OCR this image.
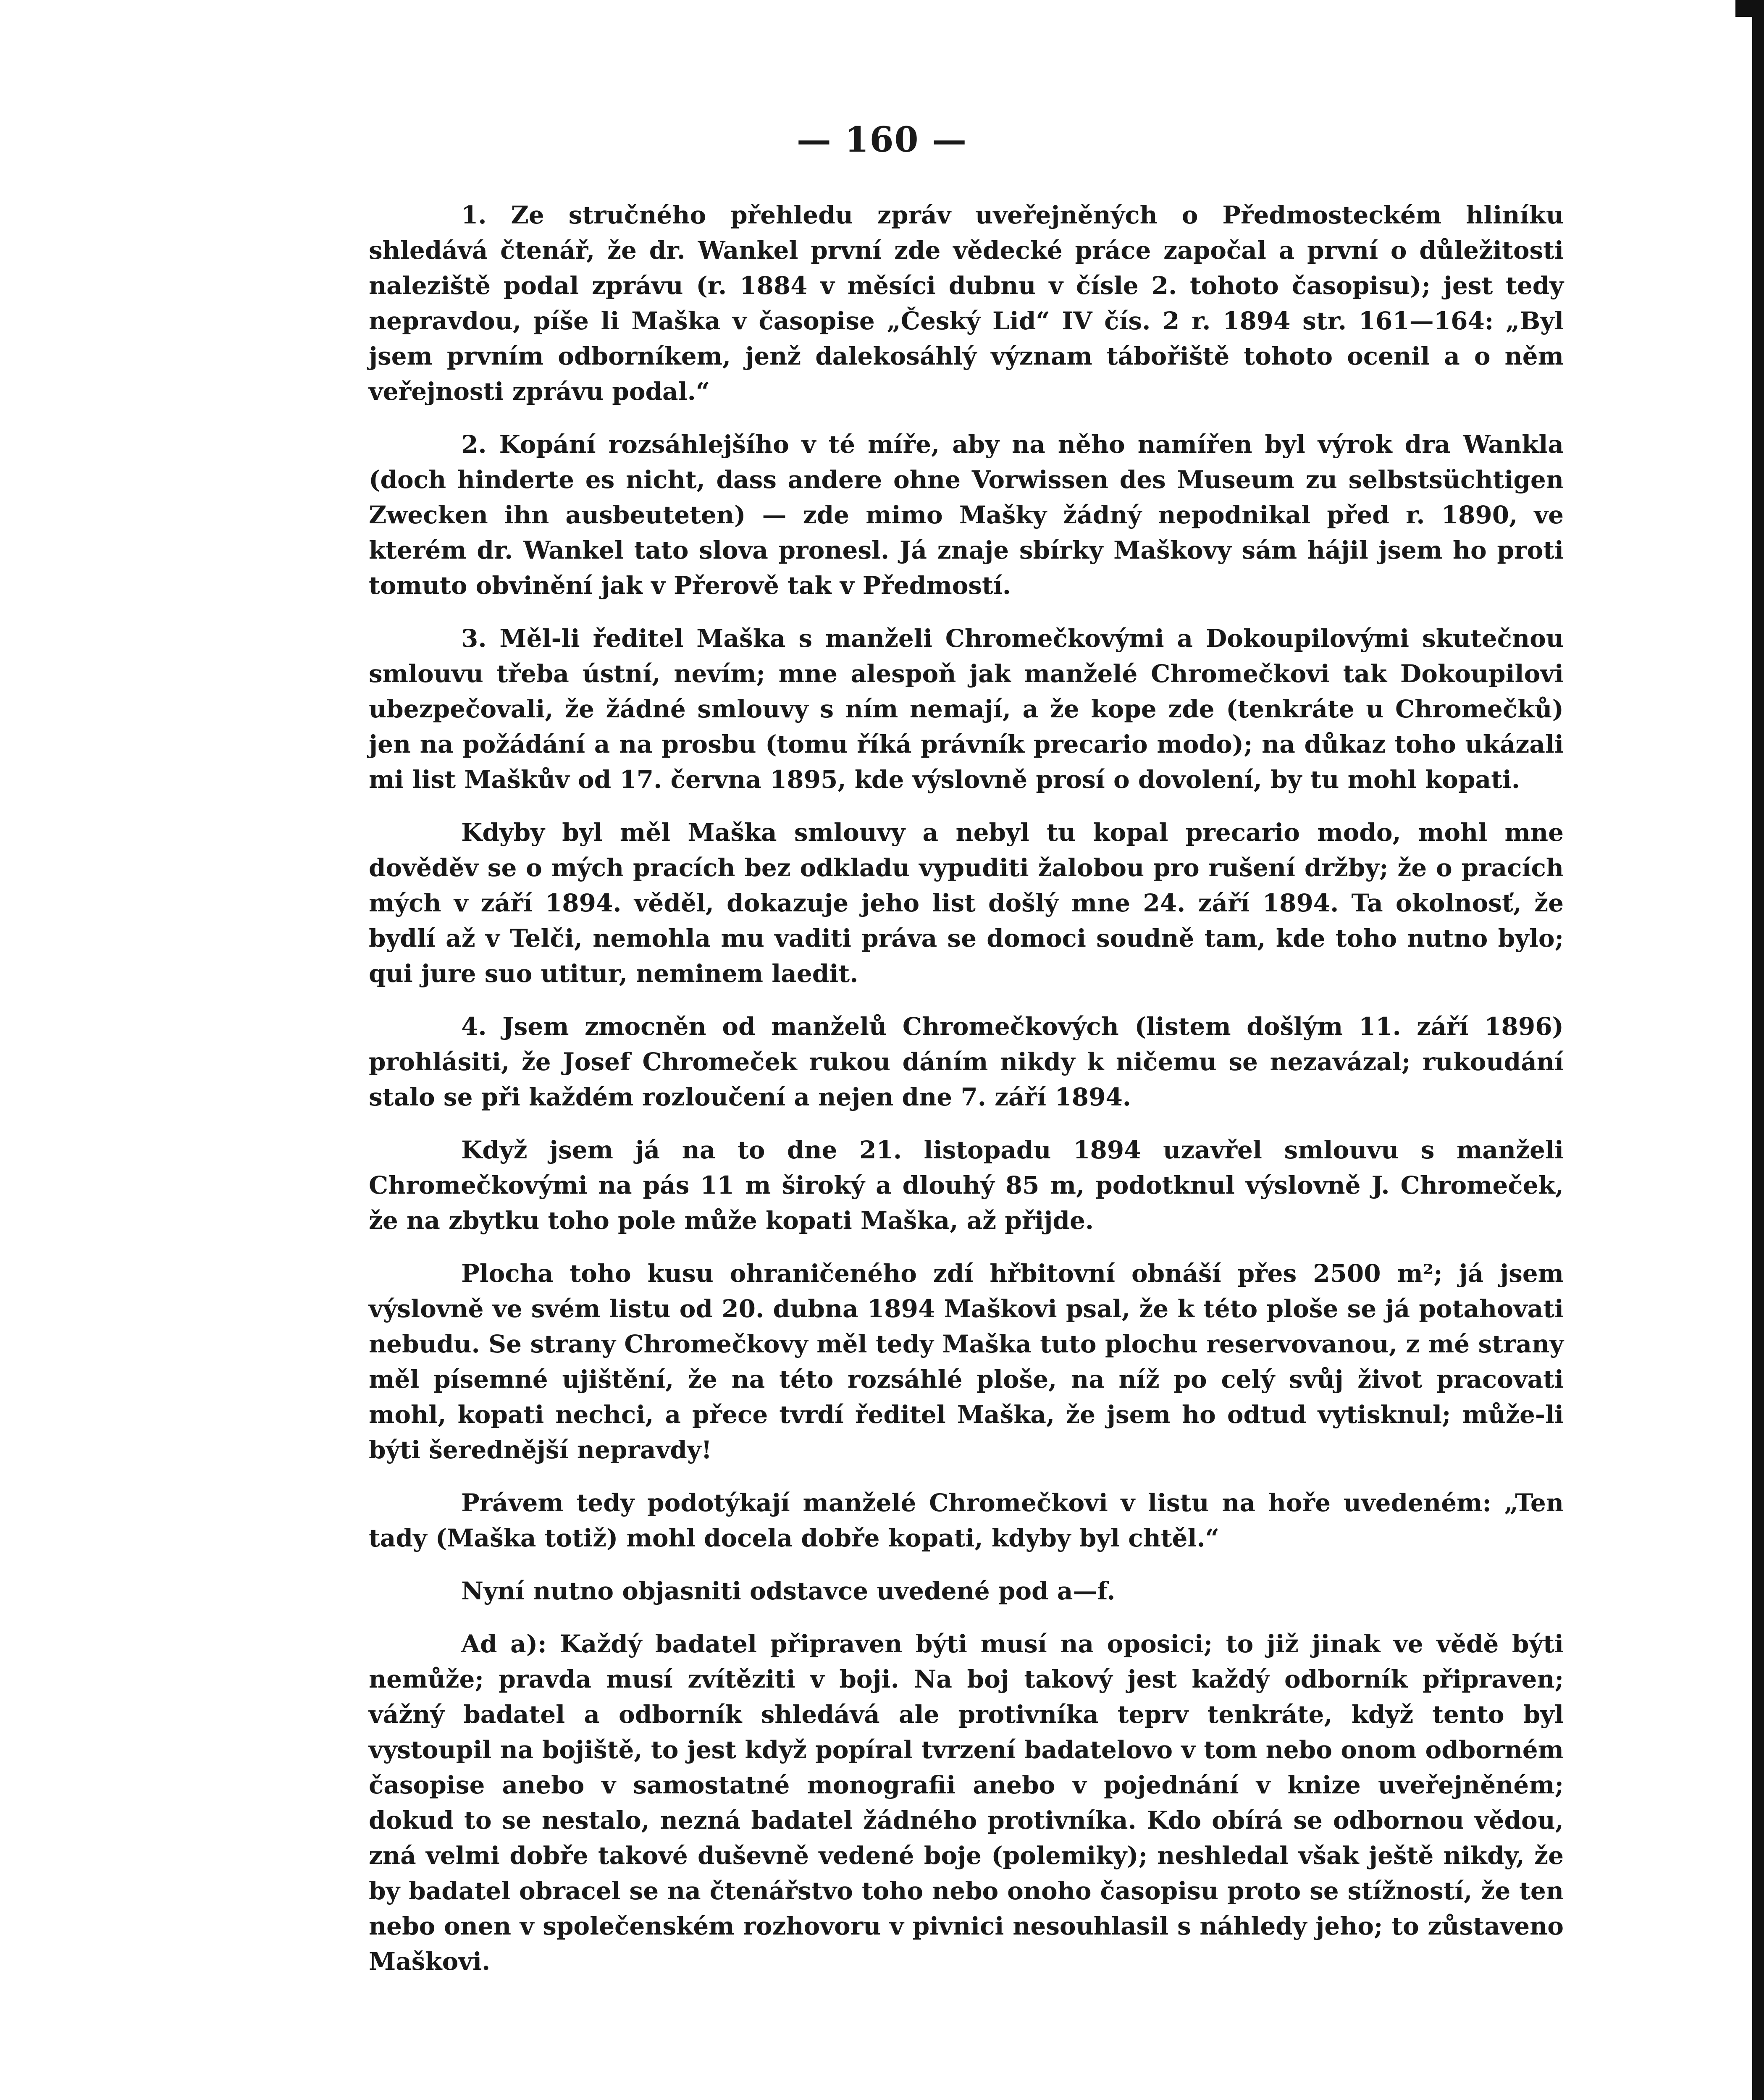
— 160 —

1. Ze stručného přehledu zpráv uveřejněných o Předmosteckém hliníku shledává čtenář, že dr. Wankel první zde vědecké práce započal a první o důležitosti naleziště podal zprávu (r. 1884 v měsíci dubnu v čísle 2. tohoto časopisu); jest tedy nepravdou, píše li Maška v časopise „Český Lid“ IV čís. 2 r. 1894 str. 161—164: „Byl jsem prvním odborníkem, jenž dalekosáhlý význam tábořiště tohoto ocenil a o něm veřejnosti zprávu podal.“

2. Kopání rozsáhlejšího v té míře, aby na něho namířen byl výrok dra Wankla (doch hinderte es nicht, dass andere ohne Vorwissen des Museum zu selbstsüchtigen Zwecken ihn ausbeuteten) — zde mimo Mašky žádný nepodnikal před r. 1890, ve kterém dr. Wankel tato slova pronesl. Já znaje sbírky Maškovy sám hájil jsem ho proti tomuto obvinění jak v Přerově tak v Předmostí.

3. Měl-li ředitel Maška s manželi Chromečkovými a Dokoupilovými skutečnou smlouvu třeba ústní, nevím; mne alespoň jak manželé Chromečkovi tak Dokoupilovi ubezpečovali, že žádné smlouvy s ním nemají, a že kope zde (tenkráte u Chromečků) jen na požádání a na prosbu (tomu říká právník precario modo); na důkaz toho ukázali mi list Maškův od 17. června 1895, kde výslovně prosí o dovolení, by tu mohl kopati.

Kdyby byl měl Maška smlouvy a nebyl tu kopal precario modo, mohl mne dověděv se o mých pracích bez odkladu vypuditi žalobou pro rušení držby; že o pracích mých v září 1894. věděl, dokazuje jeho list došlý mne 24. září 1894. Ta okolnosť, že bydlí až v Telči, nemohla mu vaditi práva se domoci soudně tam, kde toho nutno bylo; qui jure suo utitur, neminem laedit.

4. Jsem zmocněn od manželů Chromečkových (listem došlým 11. září 1896) prohlásiti, že Josef Chromeček rukou dáním nikdy k ničemu se nezavázal; rukoudání stalo se při každém rozloučení a nejen dne 7. září 1894.

Když jsem já na to dne 21. listopadu 1894 uzavřel smlouvu s manželi Chromečkovými na pás 11 m široký a dlouhý 85 m, podotknul výslovně J. Chromeček, že na zbytku toho pole může kopati Maška, až přijde.

Plocha toho kusu ohraničeného zdí hřbitovní obnáší přes 2500 m²; já jsem výslovně ve svém listu od 20. dubna 1894 Maškovi psal, že k této ploše se já potahovati nebudu. Se strany Chromečkovy měl tedy Maška tuto plochu reservovanou, z mé strany měl písemné ujištění, že na této rozsáhlé ploše, na níž po celý svůj život pracovati mohl, kopati nechci, a přece tvrdí ředitel Maška, že jsem ho odtud vytisknul; může-li býti šerednější nepravdy!

Právem tedy podotýkají manželé Chromečkovi v listu na hoře uvedeném: „Ten tady (Maška totiž) mohl docela dobře kopati, kdyby byl chtěl.“

Nyní nutno objasniti odstavce uvedené pod a—f.

Ad a): Každý badatel připraven býti musí na oposici; to již jinak ve vědě býti nemůže; pravda musí zvítěziti v boji. Na boj takový jest každý odborník připraven; vážný badatel a odborník shledává ale protivníka teprv tenkráte, když tento byl vystoupil na bojiště, to jest když popíral tvrzení badatelovo v tom nebo onom odborném časopise anebo v samostatné monografii anebo v pojednání v knize uveřejněném; dokud to se nestalo, nezná badatel žádného protivníka. Kdo obírá se odbornou vědou, zná velmi dobře takové duševně vedené boje (polemiky); neshledal však ještě nikdy, že by badatel obracel se na čtenářstvo toho nebo onoho časopisu proto se stížností, že ten nebo onen v společenském rozhovoru v pivnici nesouhlasil s náhledy jeho; to zůstaveno Maškovi.
